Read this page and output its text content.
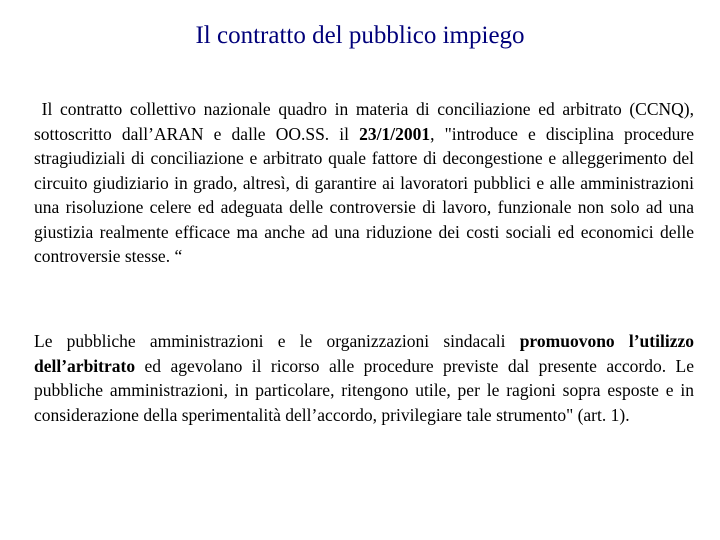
Il contratto del pubblico impiego

Il contratto collettivo nazionale quadro in materia di conciliazione ed arbitrato (CCNQ), sottoscritto dall’ARAN e dalle OO.SS. il 23/1/2001, "introduce e disciplina procedure stragiudiziali di conciliazione e arbitrato quale fattore di decongestione e alleggerimento del circuito giudiziario in grado, altresì, di garantire ai lavoratori pubblici e alle amministrazioni una risoluzione celere ed adeguata delle controversie di lavoro, funzionale non solo ad una giustizia realmente efficace ma anche ad una riduzione dei costi sociali ed economici delle controversie stesse. “

Le pubbliche amministrazioni e le organizzazioni sindacali promuovono l’utilizzo dell’arbitrato ed agevolano il ricorso alle procedure previste dal presente accordo. Le pubbliche amministrazioni, in particolare, ritengono utile, per le ragioni sopra esposte e in considerazione della sperimentalità dell’accordo, privilegiare tale strumento" (art. 1).
